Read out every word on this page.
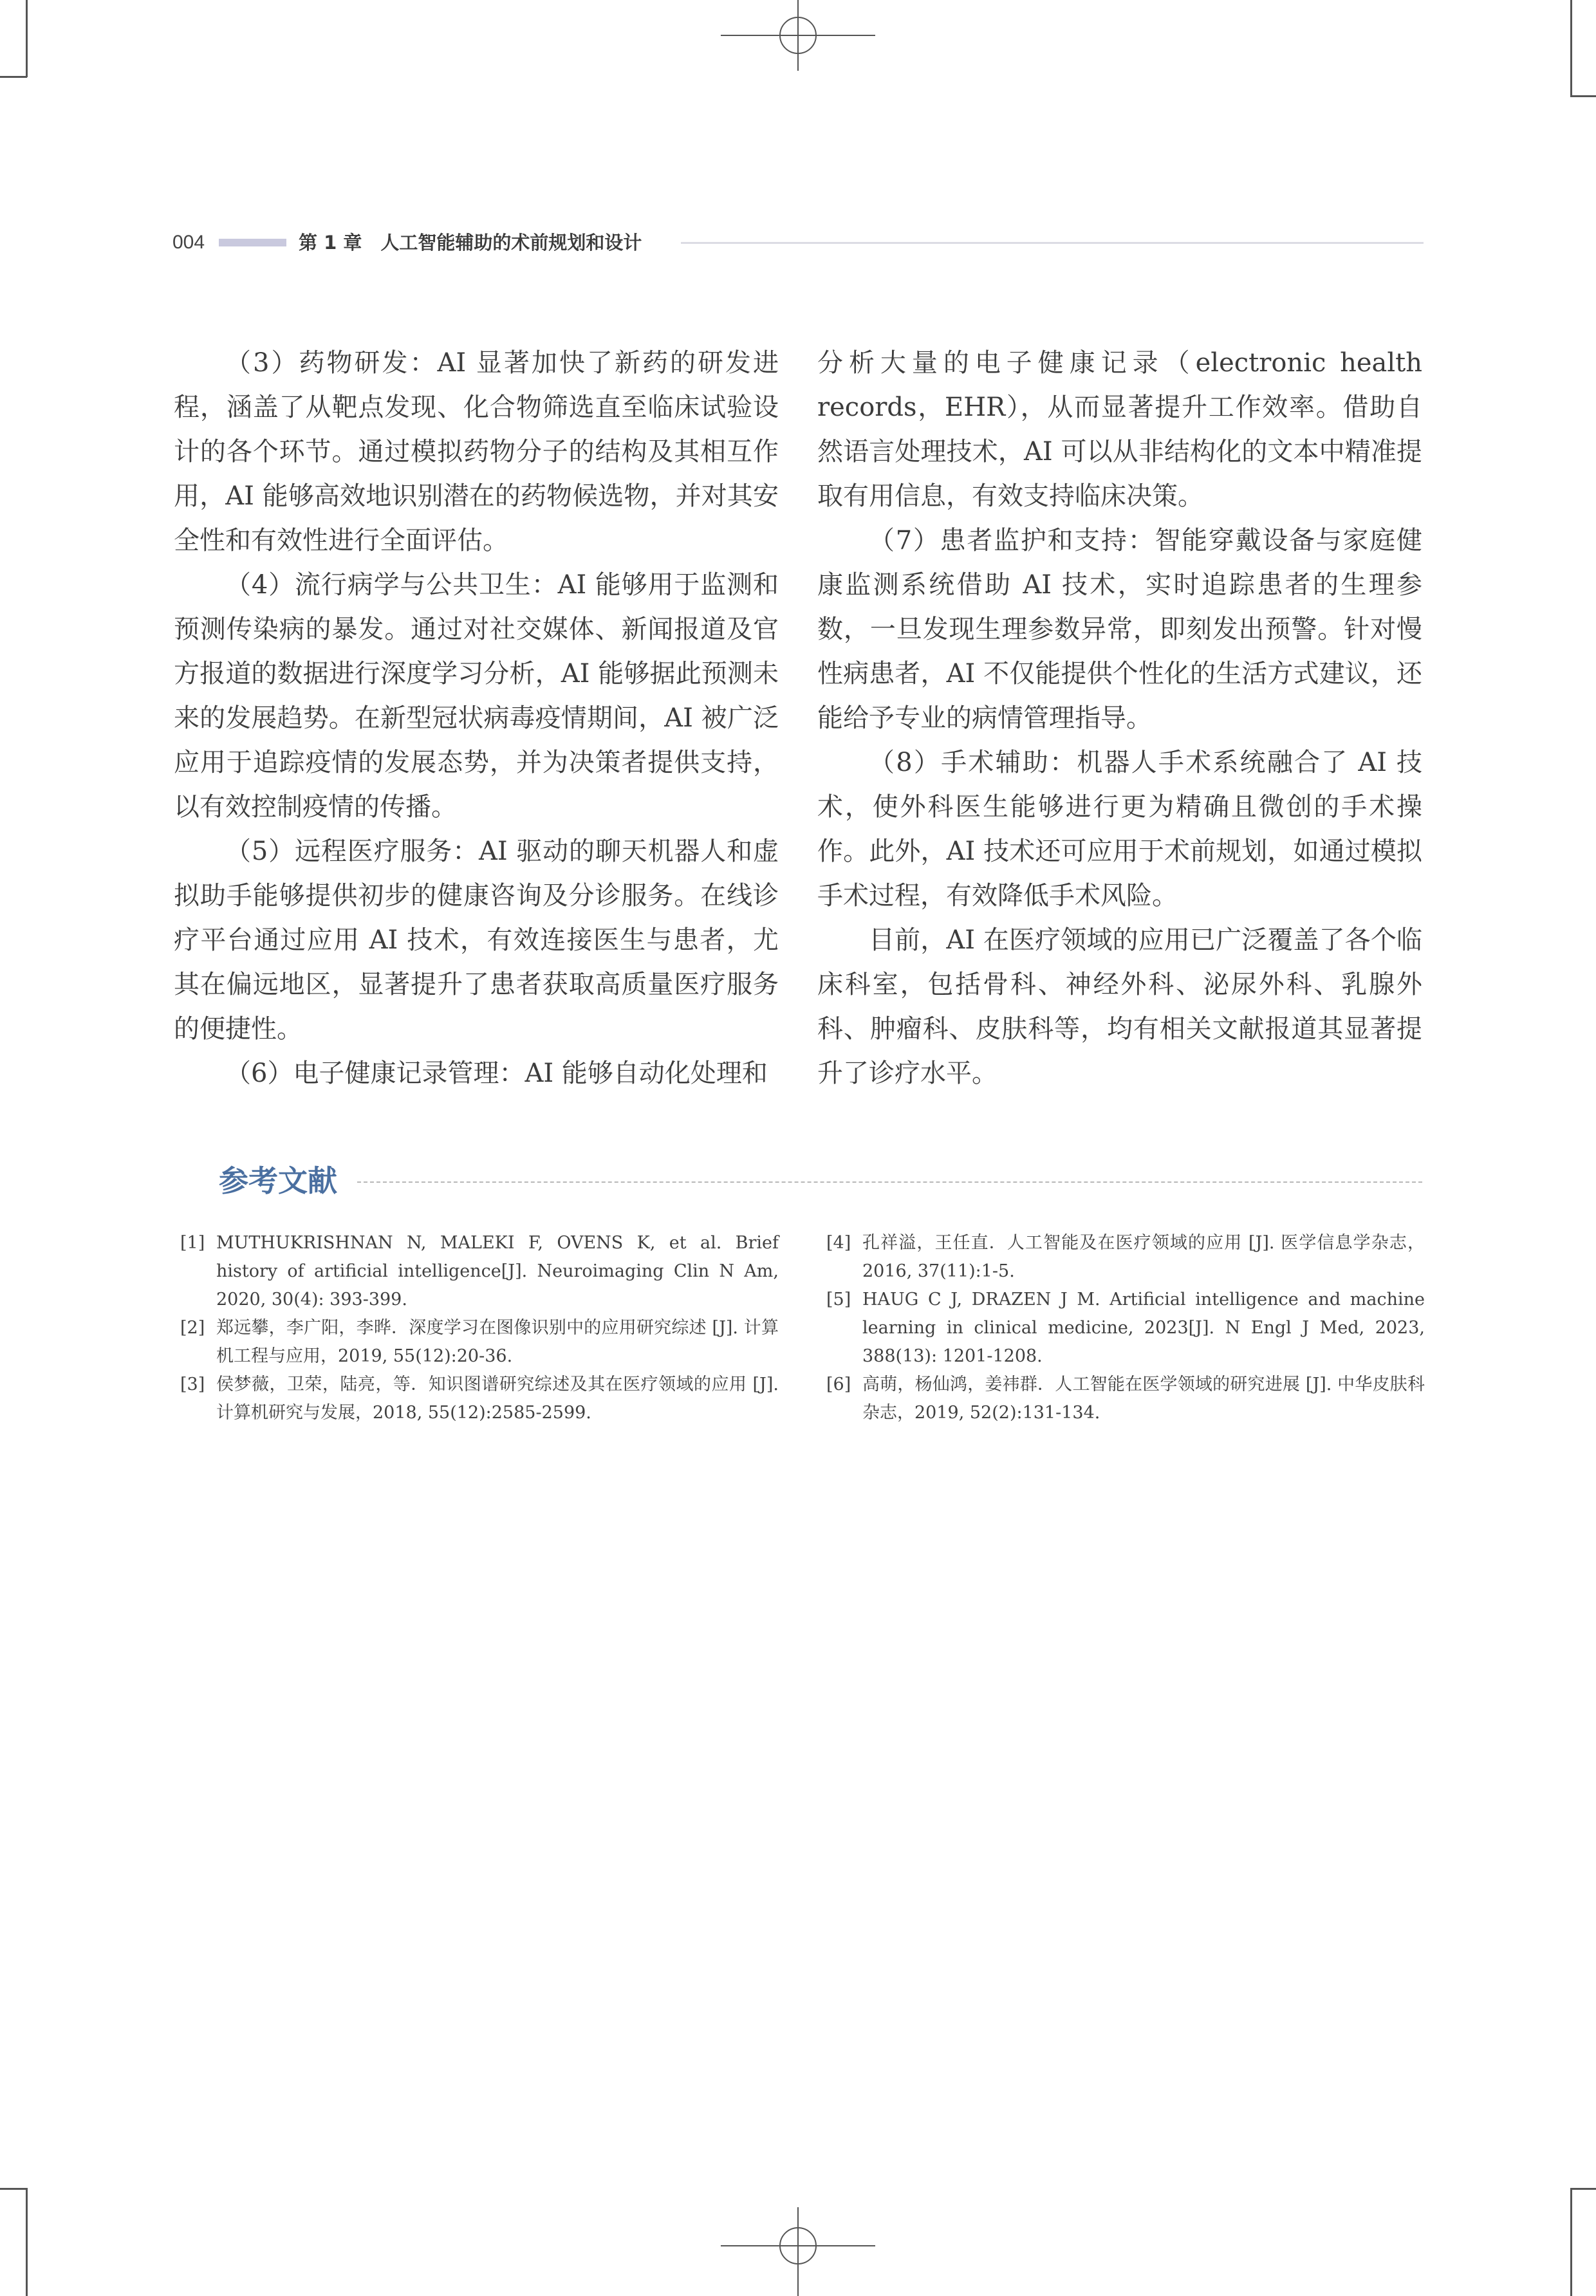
004	第 1 章　人工智能辅助的术前规划和设计

（3）药物研发：AI 显著加快了新药的研发进程，涵盖了从靶点发现、化合物筛选直至临床试验设计的各个环节。通过模拟药物分子的结构及其相互作用，AI 能够高效地识别潜在的药物候选物，并对其安全性和有效性进行全面评估。

（4）流行病学与公共卫生：AI 能够用于监测和预测传染病的暴发。通过对社交媒体、新闻报道及官方报道的数据进行深度学习分析，AI 能够据此预测未来的发展趋势。在新型冠状病毒疫情期间，AI 被广泛应用于追踪疫情的发展态势，并为决策者提供支持，以有效控制疫情的传播。

（5）远程医疗服务：AI 驱动的聊天机器人和虚拟助手能够提供初步的健康咨询及分诊服务。在线诊疗平台通过应用 AI 技术，有效连接医生与患者，尤其在偏远地区，显著提升了患者获取高质量医疗服务的便捷性。

（6）电子健康记录管理：AI 能够自动化处理和

分析大量的电子健康记录（electronic health records，EHR），从而显著提升工作效率。借助自然语言处理技术，AI 可以从非结构化的文本中精准提取有用信息，有效支持临床决策。

（7）患者监护和支持：智能穿戴设备与家庭健康监测系统借助 AI 技术，实时追踪患者的生理参数，一旦发现生理参数异常，即刻发出预警。针对慢性病患者，AI 不仅能提供个性化的生活方式建议，还能给予专业的病情管理指导。

（8）手术辅助：机器人手术系统融合了 AI 技术，使外科医生能够进行更为精确且微创的手术操作。此外，AI 技术还可应用于术前规划，如通过模拟手术过程，有效降低手术风险。

目前，AI 在医疗领域的应用已广泛覆盖了各个临床科室，包括骨科、神经外科、泌尿外科、乳腺外科、肿瘤科、皮肤科等，均有相关文献报道其显著提升了诊疗水平。

参考文献
[1] MUTHUKRISHNAN N, MALEKI F, OVENS K, et al. Brief history of artificial intelligence[J]. Neuroimaging Clin N Am, 2020, 30(4): 393-399.
[2] 郑远攀，李广阳，李晔．深度学习在图像识别中的应用研究综述 [J]. 计算机工程与应用，2019, 55(12):20-36.
[3] 侯梦薇，卫荣，陆亮，等．知识图谱研究综述及其在医疗领域的应用 [J]. 计算机研究与发展，2018, 55(12):2585-2599.
[4] 孔祥溢，王任直．人工智能及在医疗领域的应用 [J]. 医学信息学杂志，2016, 37(11):1-5.
[5] HAUG C J, DRAZEN J M. Artificial intelligence and machine learning in clinical medicine, 2023[J]. N Engl J Med, 2023, 388(13): 1201-1208.
[6] 高萌，杨仙鸿，姜祎群．人工智能在医学领域的研究进展 [J]. 中华皮肤科杂志，2019, 52(2):131-134.
